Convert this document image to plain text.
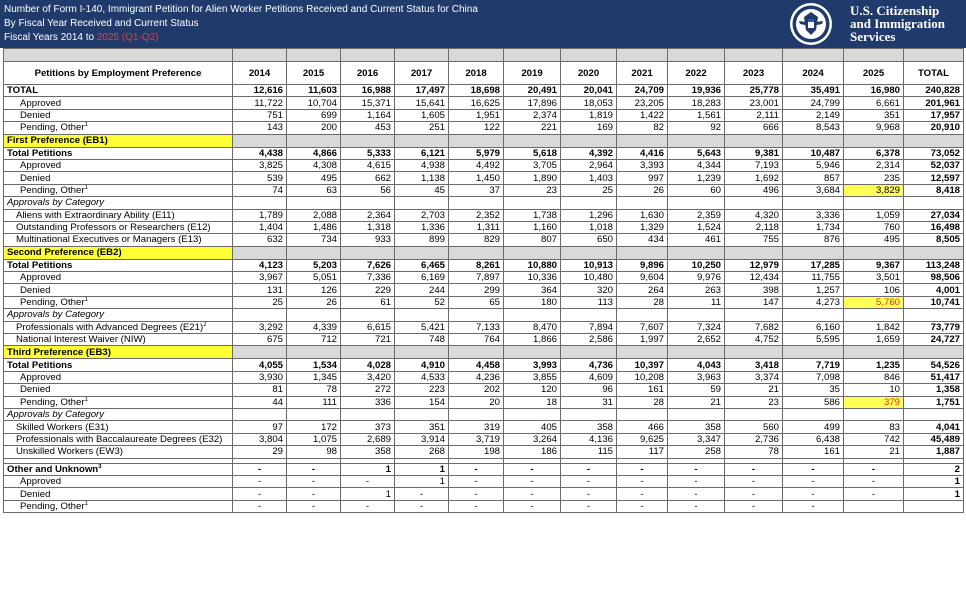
Number of Form I-140, Immigrant Petition for Alien Worker Petitions Received and Current Status for China
By Fiscal Year Received and Current Status
Fiscal Years 2014 to 2025 (Q1-Q2)
U.S. Citizenship
and Immigration
Services

Petitions by Employment Preference	2014	2015	2016	2017	2018	2019	2020	2021	2022	2023	2024	2025	TOTAL
TOTAL	12,616	11,603	16,988	17,497	18,698	20,491	20,041	24,709	19,936	25,778	35,491	16,980	240,828
Approved	11,722	10,704	15,371	15,641	16,625	17,896	18,053	23,205	18,283	23,001	24,799	6,661	201,961
Denied	751	699	1,164	1,605	1,951	2,374	1,819	1,422	1,561	2,111	2,149	351	17,957
Pending, Other$^1$	143	200	453	251	122	221	169	82	92	666	8,543	9,968	20,910
First Preference (EB1)													
Total Petitions	4,438	4,866	5,333	6,121	5,979	5,618	4,392	4,416	5,643	9,381	10,487	6,378	73,052
Approved	3,825	4,308	4,615	4,938	4,492	3,705	2,964	3,393	4,344	7,193	5,946	2,314	52,037
Denied	539	495	662	1,138	1,450	1,890	1,403	997	1,239	1,692	857	235	12,597
Pending, Other$^1$	74	63	56	45	37	23	25	26	60	496	3,684	3,829	8,418
Approvals by Category													
Aliens with Extraordinary Ability (E11)	1,789	2,088	2,364	2,703	2,352	1,738	1,296	1,630	2,359	4,320	3,336	1,059	27,034
Outstanding Professors or Researchers (E12)	1,404	1,486	1,318	1,336	1,311	1,160	1,018	1,329	1,524	2,118	1,734	760	16,498
Multinational Executives or Managers (E13)	632	734	933	899	829	807	650	434	461	755	876	495	8,505
Second Preference (EB2)													
Total Petitions	4,123	5,203	7,626	6,465	8,261	10,880	10,913	9,896	10,250	12,979	17,285	9,367	113,248
Approved	3,967	5,051	7,336	6,169	7,897	10,336	10,480	9,604	9,976	12,434	11,755	3,501	98,506
Denied	131	126	229	244	299	364	320	264	263	398	1,257	106	4,001
Pending, Other$^1$	25	26	61	52	65	180	113	28	11	147	4,273	5,760	10,741
Approvals by Category													
Professionals with Advanced Degrees $(E21)^2$	3,292	4,339	6,615	5,421	7,133	8,470	7,894	7,607	7,324	7,682	6,160	1,842	73,779
National Interest Waiver (NIW)	675	712	721	748	764	1,866	2,586	1,997	2,652	4,752	5,595	1,659	24,727
Third Preference (EB3)													
Total Petitions	4,055	1,534	4,028	4,910	4,458	3,993	4,736	10,397	4,043	3,418	7,719	1,235	54,526
Approved	3,930	1,345	3,420	4,533	4,236	3,855	4,609	10,208	3,963	3,374	7,098	846	51,417
Denied	81	78	272	223	202	120	96	161	59	21	35	10	1,358
Pending, Other$^1$	44	111	336	154	20	18	31	28	21	23	586	379	1,751
Approvals by Category													
Skilled Workers (E31)	97	172	373	351	319	405	358	466	358	560	499	83	4,041
Professionals with Baccalaureate Degrees (E32)	3,804	1,075	2,689	3,914	3,719	3,264	4,136	9,625	3,347	2,736	6,438	742	45,489
Unskilled Workers (EW3)	29	98	358	268	198	186	115	117	258	78	161	21	1,887

Other and Unknown$^3$	-	-	1	1	-	-	-	-	-	-	-	-	2
Approved	-	-	-	1	-	-	-	-	-	-	-	-	1
Denied	-	-	1	-	-	-	-	-	-	-	-	-	1
Pending, Other$^1$	-	-	-	-	-	-	-	-	-	-	-		
